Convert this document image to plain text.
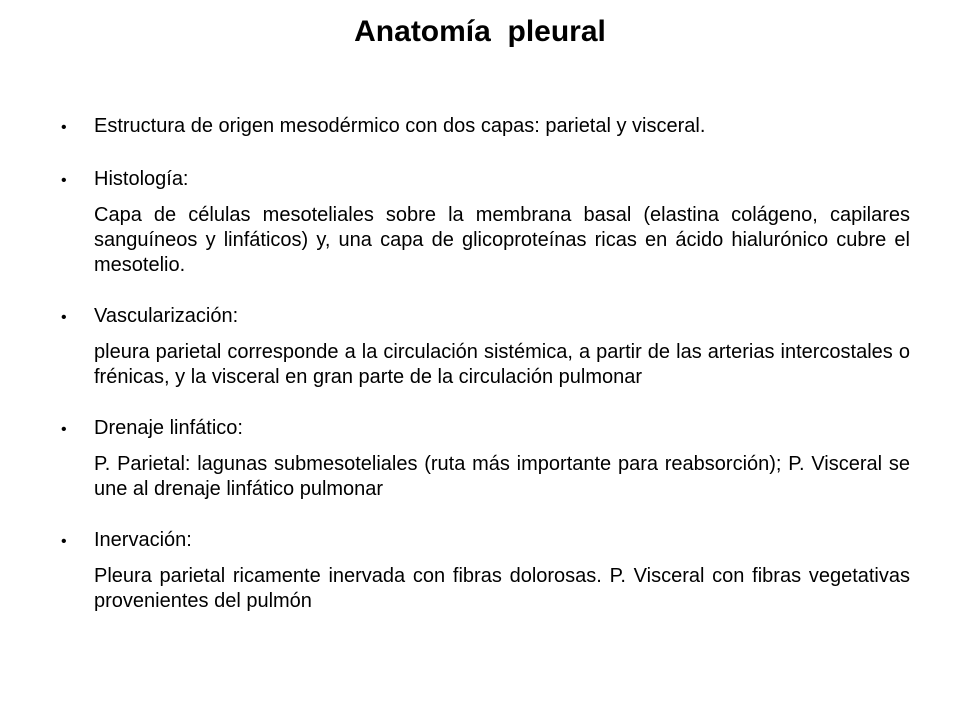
Anatomía  pleural
•	Estructura de origen mesodérmico con dos capas: parietal y visceral.
•	Histología:

Capa de células mesoteliales sobre la membrana basal (elastina colágeno, capilares sanguíneos y linfáticos) y, una capa de glicoproteínas ricas en ácido hialurónico cubre el mesotelio.

•	Vascularización:

pleura parietal corresponde a la circulación sistémica, a partir de las arterias intercostales o frénicas, y la visceral en gran parte de la circulación pulmonar

•	Drenaje linfático:

P. Parietal: lagunas submesoteliales (ruta más importante para reabsorción); P. Visceral se une al drenaje linfático pulmonar

•	Inervación:

Pleura parietal ricamente inervada con fibras dolorosas. P. Visceral con fibras vegetativas provenientes del pulmón
